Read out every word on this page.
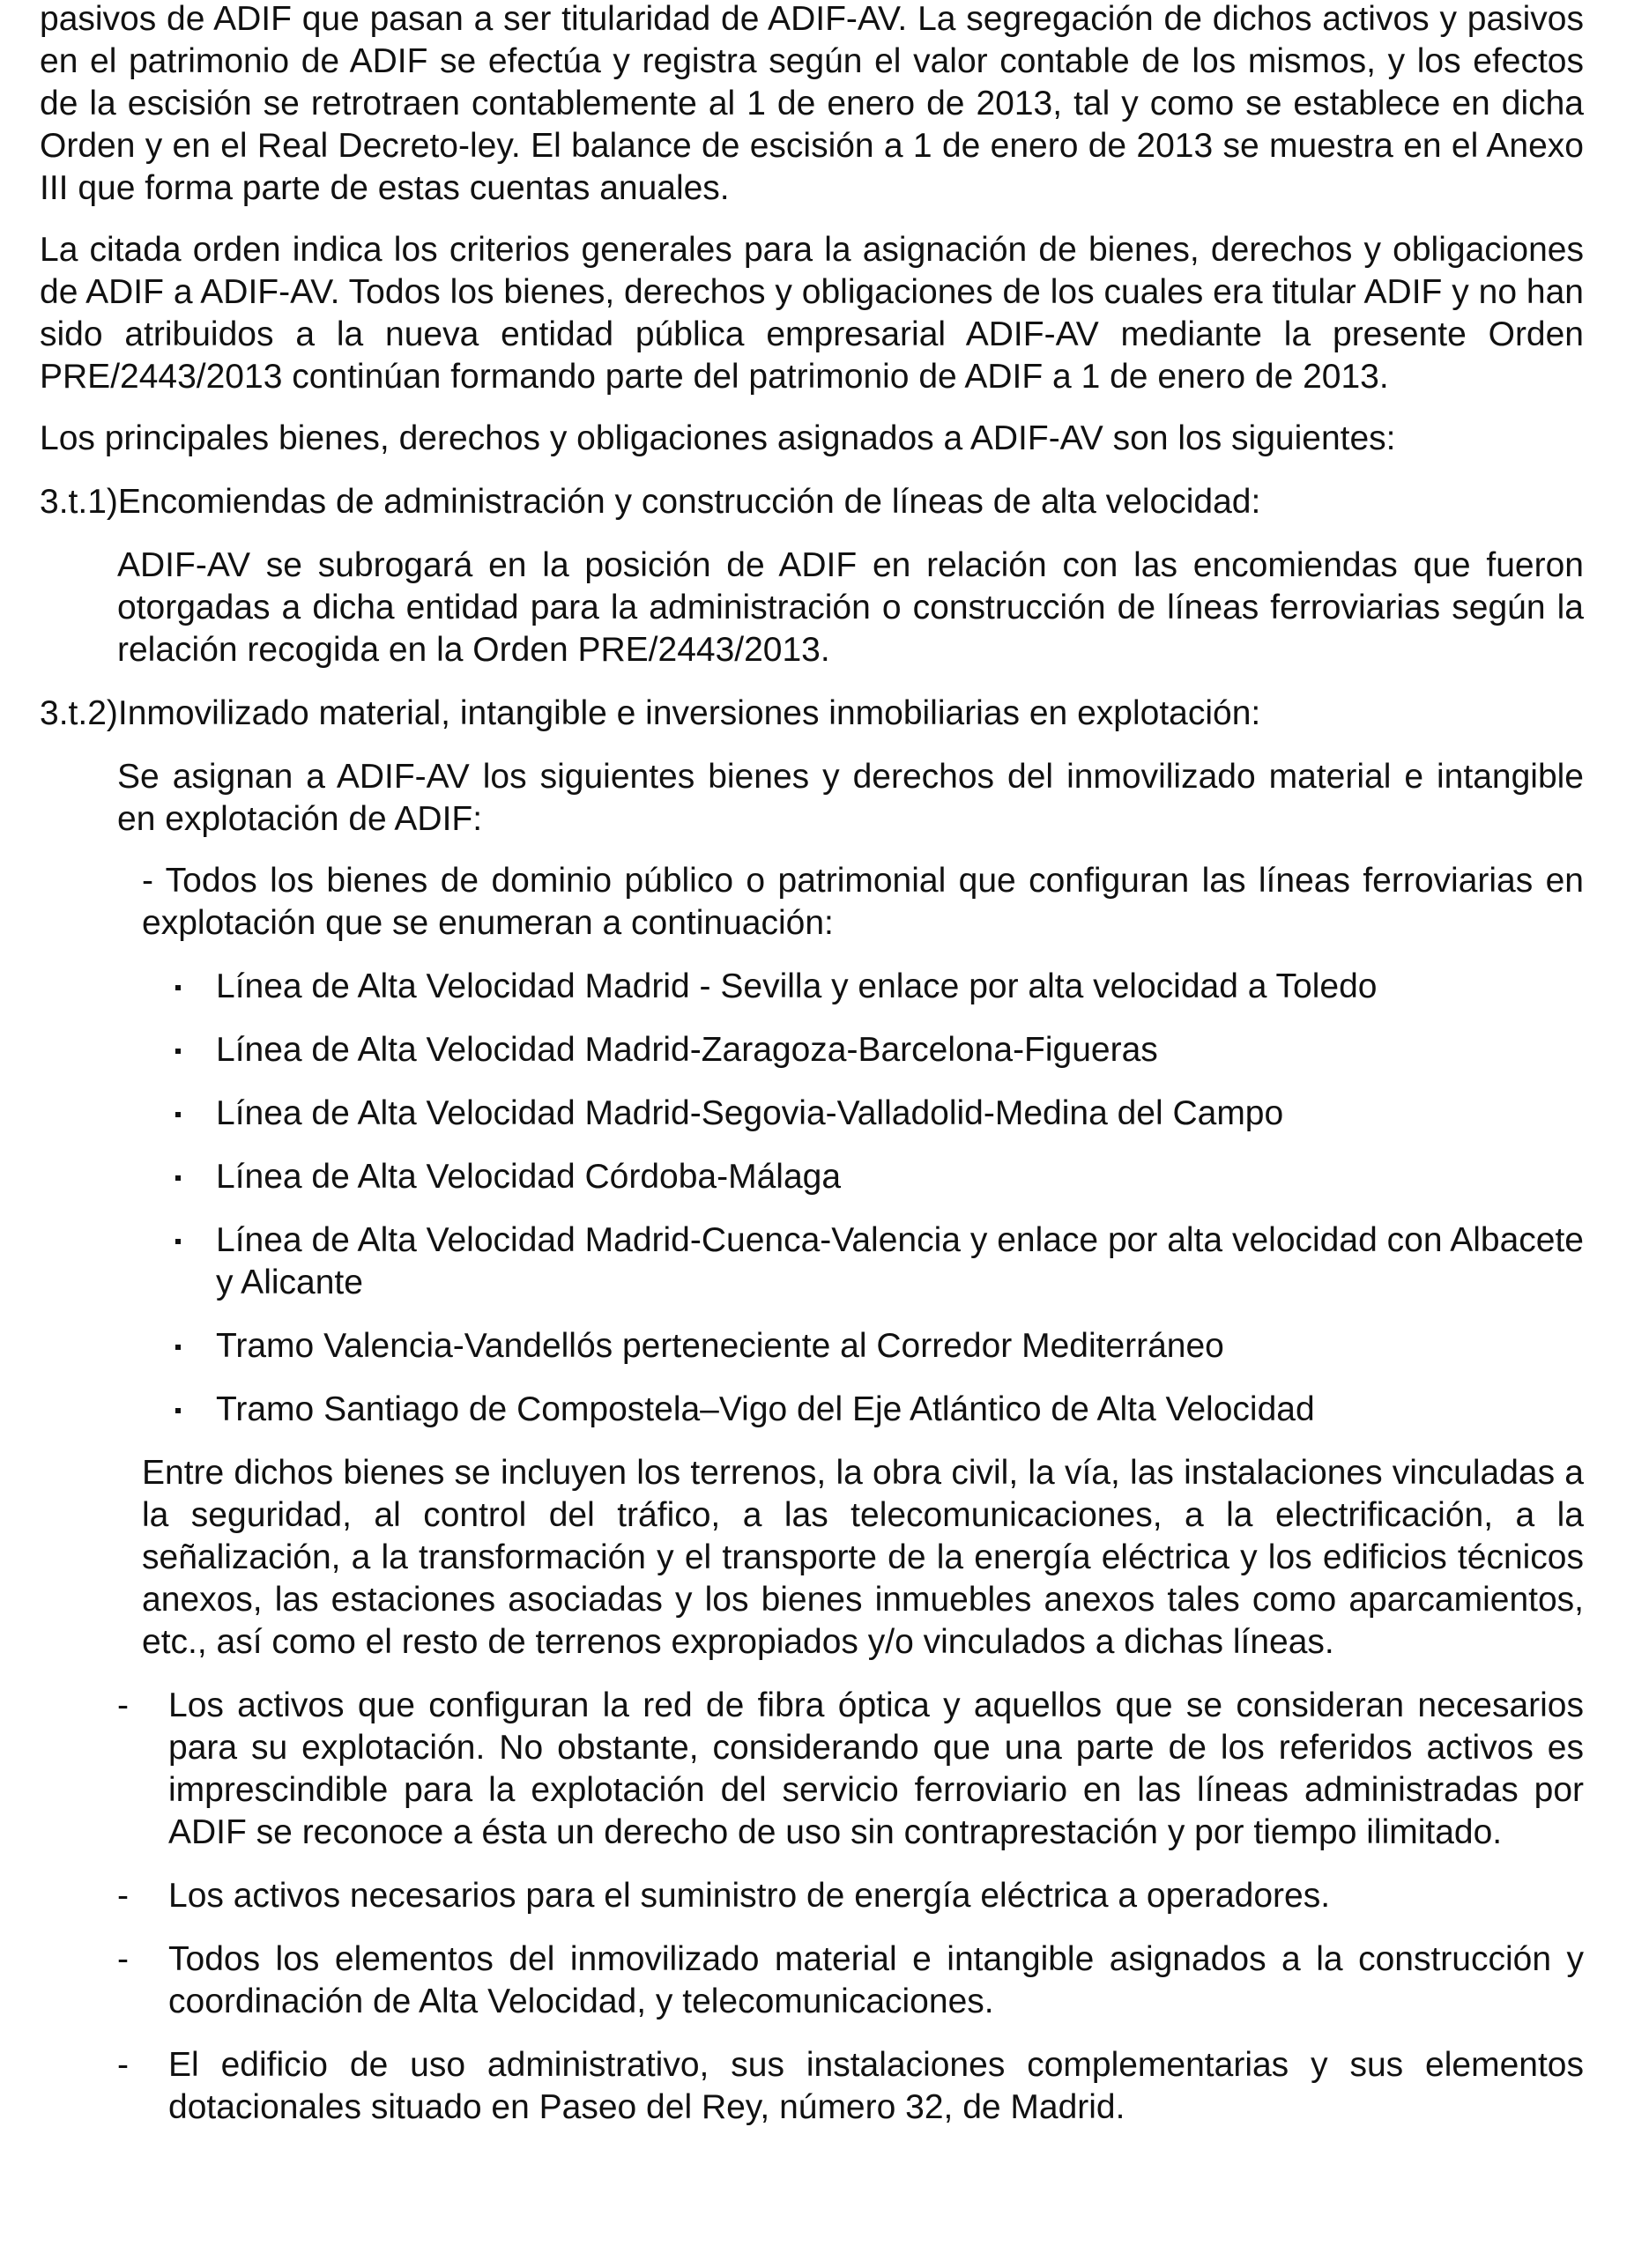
pasivos de ADIF que pasan a ser titularidad de ADIF-AV. La segregación de dichos activos y pasivos en el patrimonio de ADIF se efectúa y registra según el valor contable de los mismos, y los efectos de la escisión se retrotraen contablemente al 1 de enero de 2013, tal y como se establece en dicha Orden y en el Real Decreto-ley. El balance de escisión a 1 de enero de 2013 se muestra en el Anexo III que forma parte de estas cuentas anuales.

La citada orden indica los criterios generales para la asignación de bienes, derechos y obligaciones de ADIF a ADIF-AV. Todos los bienes, derechos y obligaciones de los cuales era titular ADIF y no han sido atribuidos a la nueva entidad pública empresarial ADIF-AV mediante la presente Orden PRE/2443/2013 continúan formando parte del patrimonio de ADIF a 1 de enero de 2013.

Los principales bienes, derechos y obligaciones asignados a ADIF-AV son los siguientes:

3.t.1) Encomiendas de administración y construcción de líneas de alta velocidad:

ADIF-AV se subrogará en la posición de ADIF en relación con las encomiendas que fueron otorgadas a dicha entidad para la administración o construcción de líneas ferroviarias según la relación recogida en la Orden PRE/2443/2013.

3.t.2) Inmovilizado material, intangible e inversiones inmobiliarias en explotación:

Se asignan a ADIF-AV los siguientes bienes y derechos del inmovilizado material e intangible en explotación de ADIF:

- Todos los bienes de dominio público o patrimonial que configuran las líneas ferroviarias en explotación que se enumeran a continuación:

Línea de Alta Velocidad Madrid - Sevilla y enlace por alta velocidad a Toledo
Línea de Alta Velocidad Madrid-Zaragoza-Barcelona-Figueras
Línea de Alta Velocidad Madrid-Segovia-Valladolid-Medina del Campo
Línea de Alta Velocidad Córdoba-Málaga
Línea de Alta Velocidad Madrid-Cuenca-Valencia y enlace por alta velocidad con Albacete y Alicante
Tramo Valencia-Vandellós perteneciente al Corredor Mediterráneo
Tramo Santiago de Compostela–Vigo del Eje Atlántico de Alta Velocidad

Entre dichos bienes se incluyen los terrenos, la obra civil, la vía, las instalaciones vinculadas a la seguridad, al control del tráfico, a las telecomunicaciones, a la electrificación, a la señalización, a la transformación y el transporte de la energía eléctrica y los edificios técnicos anexos, las estaciones asociadas y los bienes inmuebles anexos tales como aparcamientos, etc., así como el resto de terrenos expropiados y/o vinculados a dichas líneas.

- Los activos que configuran la red de fibra óptica y aquellos que se consideran necesarios para su explotación. No obstante, considerando que una parte de los referidos activos es imprescindible para la explotación del servicio ferroviario en las líneas administradas por ADIF se reconoce a ésta un derecho de uso sin contraprestación y por tiempo ilimitado.
- Los activos necesarios para el suministro de energía eléctrica a operadores.
- Todos los elementos del inmovilizado material e intangible asignados a la construcción y coordinación de Alta Velocidad, y telecomunicaciones.
- El edificio de uso administrativo, sus instalaciones complementarias y sus elementos dotacionales situado en Paseo del Rey, número 32, de Madrid.
